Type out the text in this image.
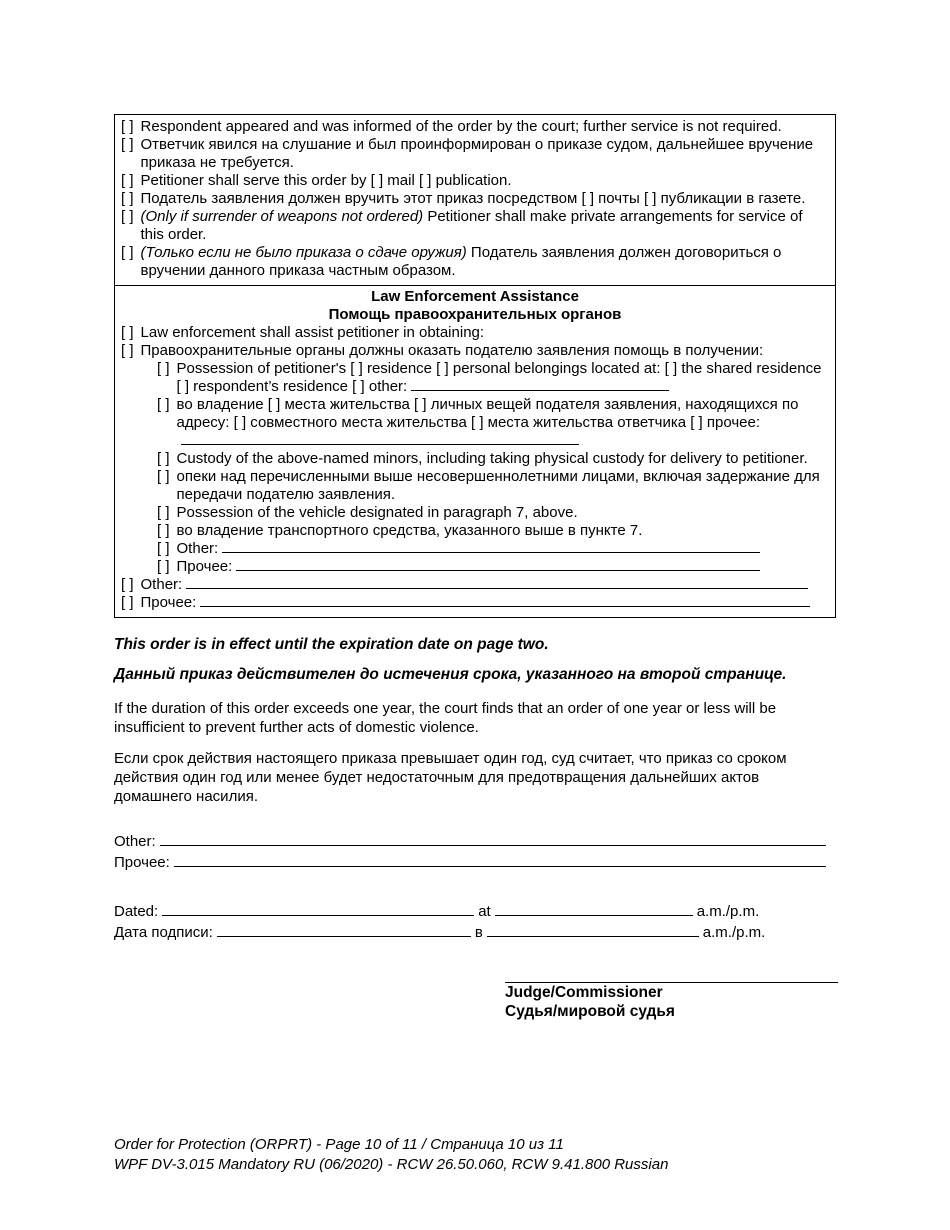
[ ] Respondent appeared and was informed of the order by the court; further service is not required.
[ ] Ответчик явился на слушание и был проинформирован о приказе судом, дальнейшее вручение приказа не требуется.
[ ] Petitioner shall serve this order by [ ] mail [ ] publication.
[ ] Податель заявления должен вручить этот приказ посредством [ ] почты [ ] публикации в газете.
[ ] (Only if surrender of weapons not ordered) Petitioner shall make private arrangements for service of this order.
[ ] (Только если не было приказа о сдаче оружия) Податель заявления должен договориться о вручении данного приказа частным образом.
Law Enforcement Assistance
Помощь правоохранительных органов
[ ] Law enforcement shall assist petitioner in obtaining:
[ ] Правоохранительные органы должны оказать подателю заявления помощь в получении:
[ ] Possession of petitioner's [ ] residence [ ] personal belongings located at: [ ] the shared residence [ ] respondent’s residence [ ] other:
[ ] во владение [ ] места жительства [ ] личных вещей подателя заявления, находящихся по адресу: [ ] совместного места жительства [ ] места жительства ответчика [ ] прочее:
[ ] Custody of the above-named minors, including taking physical custody for delivery to petitioner.
[ ] опеки над перечисленными выше несовершеннолетними лицами, включая задержание для передачи подателю заявления.
[ ] Possession of the vehicle designated in paragraph 7, above.
[ ] во владение транспортного средства, указанного выше в пункте 7.
[ ] Other:
[ ] Прочее:
[ ] Other:
[ ] Прочее:

This order is in effect until the expiration date on page two.

Данный приказ действителен до истечения срока, указанного на второй странице.

If the duration of this order exceeds one year, the court finds that an order of one year or less will be insufficient to prevent further acts of domestic violence.

Если срок действия настоящего приказа превышает один год, суд считает, что приказ со сроком действия один год или менее будет недостаточным для предотвращения дальнейших актов домашнего насилия.

Other:
Прочее:
Dated:	at	a.m./p.m.
Дата подписи:	в	a.m./p.m.
Judge/Commissioner
Судья/мировой судья
Order for Protection (ORPRT) - Page 10 of 11 / Страница 10 из 11
WPF DV-3.015 Mandatory RU (06/2020) - RCW 26.50.060, RCW 9.41.800 Russian
